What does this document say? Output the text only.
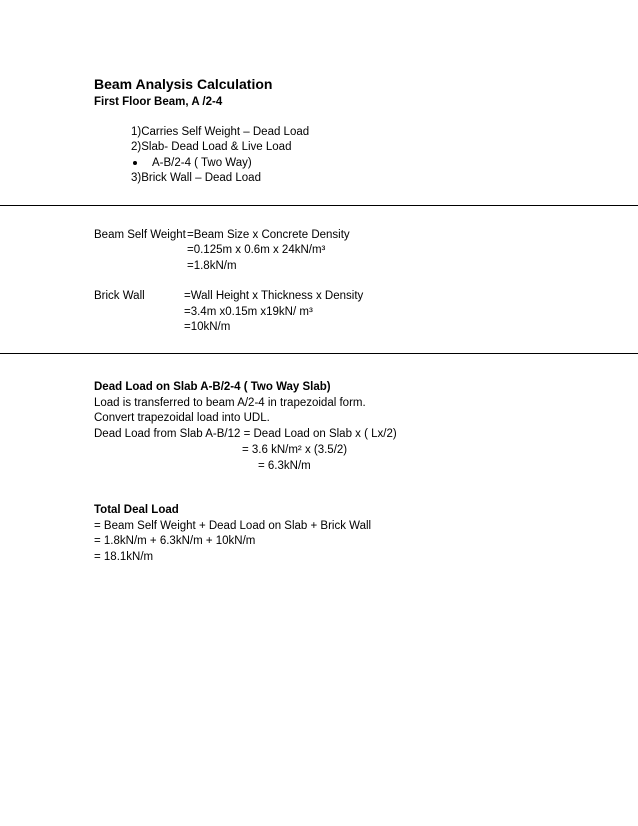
Beam Analysis Calculation
First Floor Beam, A /2-4
1)Carries Self Weight – Dead Load
2)Slab- Dead Load & Live Load
A-B/2-4 ( Two Way)
3)Brick Wall – Dead Load
Beam Self Weight =Beam Size x Concrete Density
=0.125m x 0.6m x 24kN/m³
=1.8kN/m
Brick Wall	=Wall Height x Thickness x Density
=3.4m x0.15m x19kN/ m³
=10kN/m
Dead Load on Slab A-B/2-4 ( Two Way Slab)
Load is transferred to beam A/2-4 in trapezoidal form.
Convert trapezoidal load into UDL.
Dead Load from Slab A-B/12 = Dead Load on Slab x ( Lx/2)
= 3.6 kN/m² x (3.5/2)
= 6.3kN/m
Total Deal Load
= Beam Self Weight + Dead Load on Slab + Brick Wall
= 1.8kN/m + 6.3kN/m + 10kN/m
= 18.1kN/m
